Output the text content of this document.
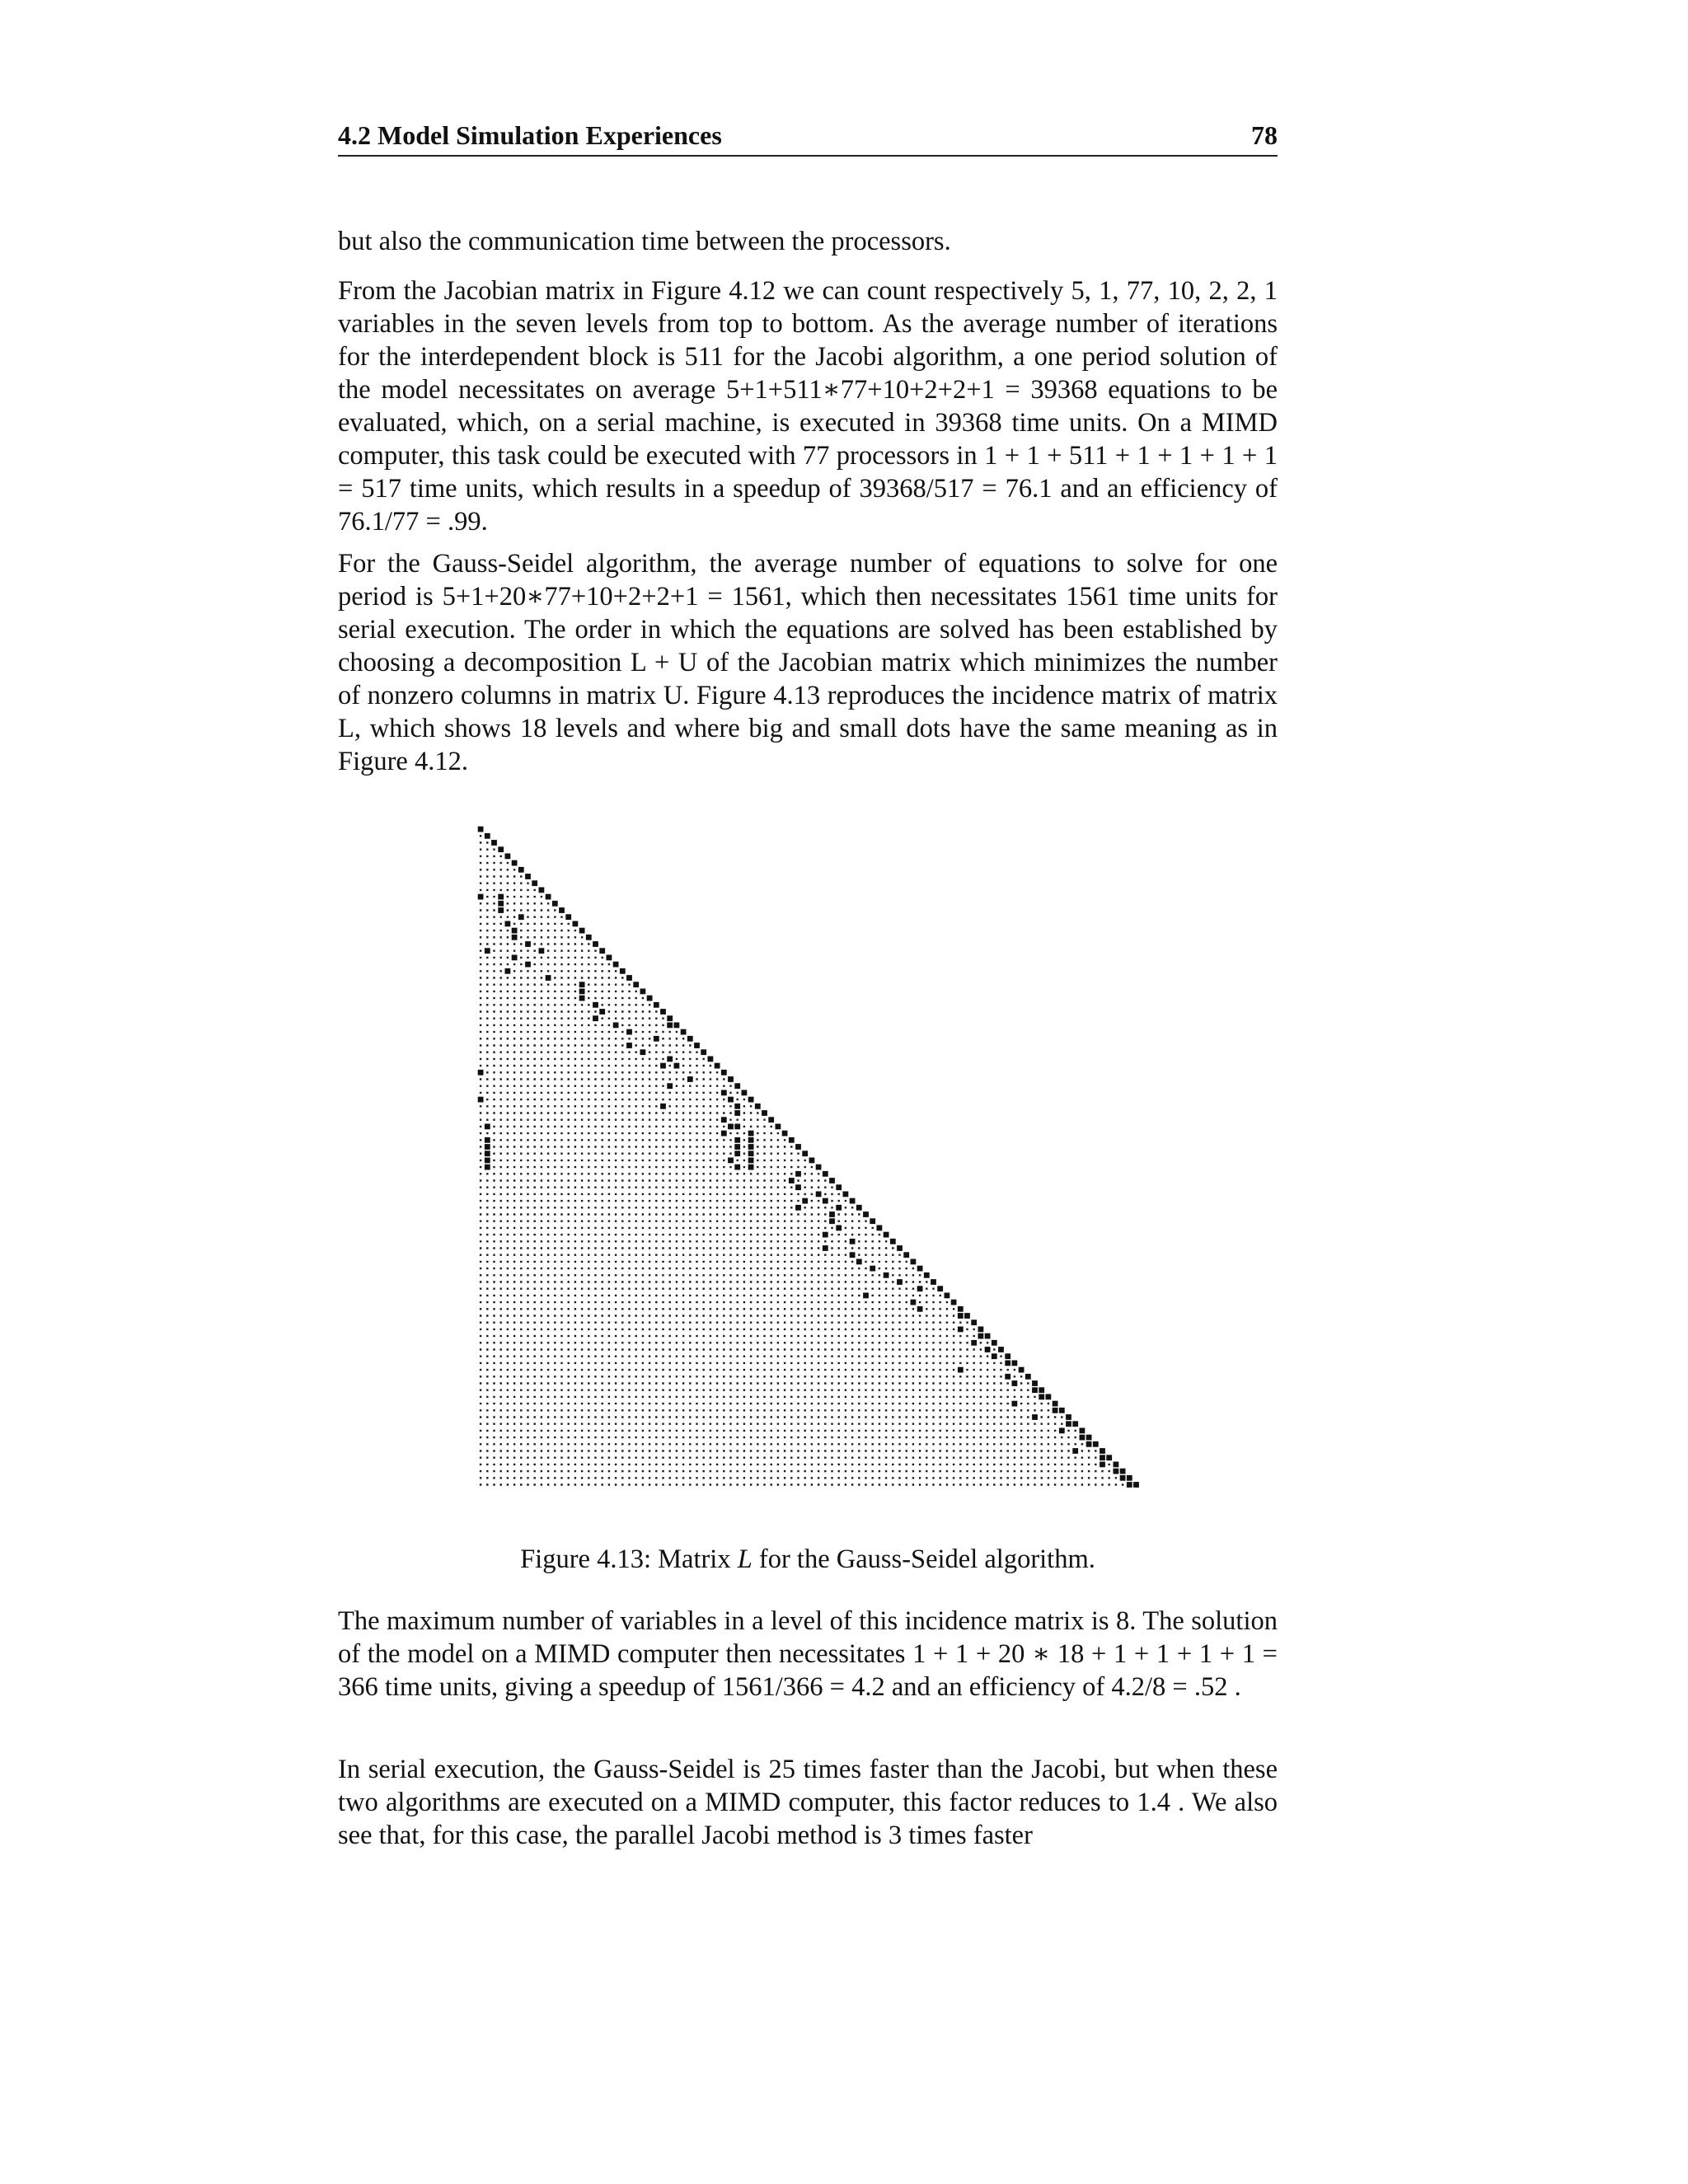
4.2 Model Simulation Experiences	78

but also the communication time between the processors.

From the Jacobian matrix in Figure 4.12 we can count respectively 5, 1, 77, 10, 2, 2, 1 variables in the seven levels from top to bottom. As the average number of iterations for the interdependent block is 511 for the Jacobi algorithm, a one period solution of the model necessitates on average 5+1+511∗77+10+2+2+1 = 39368 equations to be evaluated, which, on a serial machine, is executed in 39368 time units. On a MIMD computer, this task could be executed with 77 processors in 1 + 1 + 511 + 1 + 1 + 1 + 1 = 517 time units, which results in a speedup of 39368/517 = 76.1 and an efficiency of 76.1/77 = .99.

For the Gauss-Seidel algorithm, the average number of equations to solve for one period is 5+1+20∗77+10+2+2+1 = 1561, which then necessitates 1561 time units for serial execution. The order in which the equations are solved has been established by choosing a decomposition L + U of the Jacobian matrix which minimizes the number of nonzero columns in matrix U. Figure 4.13 reproduces the incidence matrix of matrix L, which shows 18 levels and where big and small dots have the same meaning as in Figure 4.12.

Figure 4.13: Matrix L for the Gauss-Seidel algorithm.

The maximum number of variables in a level of this incidence matrix is 8. The solution of the model on a MIMD computer then necessitates 1 + 1 + 20 ∗ 18 + 1 + 1 + 1 + 1 = 366 time units, giving a speedup of 1561/366 = 4.2 and an efficiency of 4.2/8 = .52 .

In serial execution, the Gauss-Seidel is 25 times faster than the Jacobi, but when these two algorithms are executed on a MIMD computer, this factor reduces to 1.4 . We also see that, for this case, the parallel Jacobi method is 3 times faster
